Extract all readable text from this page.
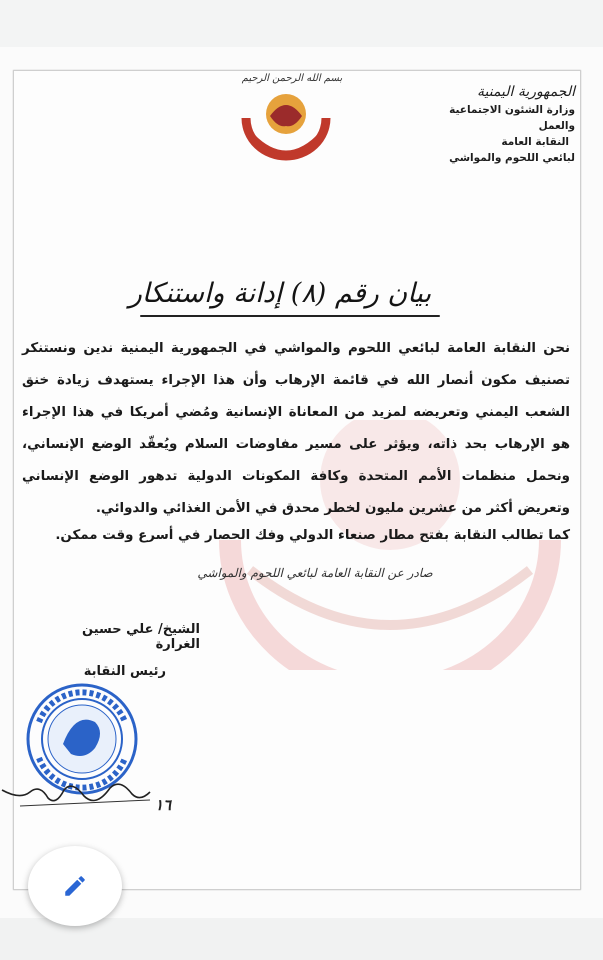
بسم الله الرحمن الرحيم
الجمهورية اليمنية
وزارة الشئون الاجتماعية والعمل
النقابة العامة
لبائعي اللحوم والمواشي
بيان رقم (٨) إدانة واستنكار

نحن النقابة العامة لبائعي اللحوم والمواشي في الجمهورية اليمنية ندين ونستنكر تصنيف مكون أنصار الله في قائمة الإرهاب وأن هذا الإجراء يستهدف زيادة خنق الشعب اليمني وتعريضه لمزيد من المعاناة الإنسانية ومُضي أمريكا في هذا الإجراء هو الإرهاب بحد ذاته، ويؤثر على مسير مفاوضات السلام ويُعقّد الوضع الإنساني، ونحمل منظمات الأمم المتحدة وكافة المكونات الدولية تدهور الوضع الإنساني وتعريض أكثر من عشرين مليون لخطر محدق في الأمن الغذائي والدوائي.

كما تطالب النقابة بفتح مطار صنعاء الدولي وفك الحصار في أسرع وقت ممكن.

صادر عن النقابة العامة لبائعي اللحوم والمواشي
الشيخ/ علي حسين الغرارة
رئيس النقابة
١٦
